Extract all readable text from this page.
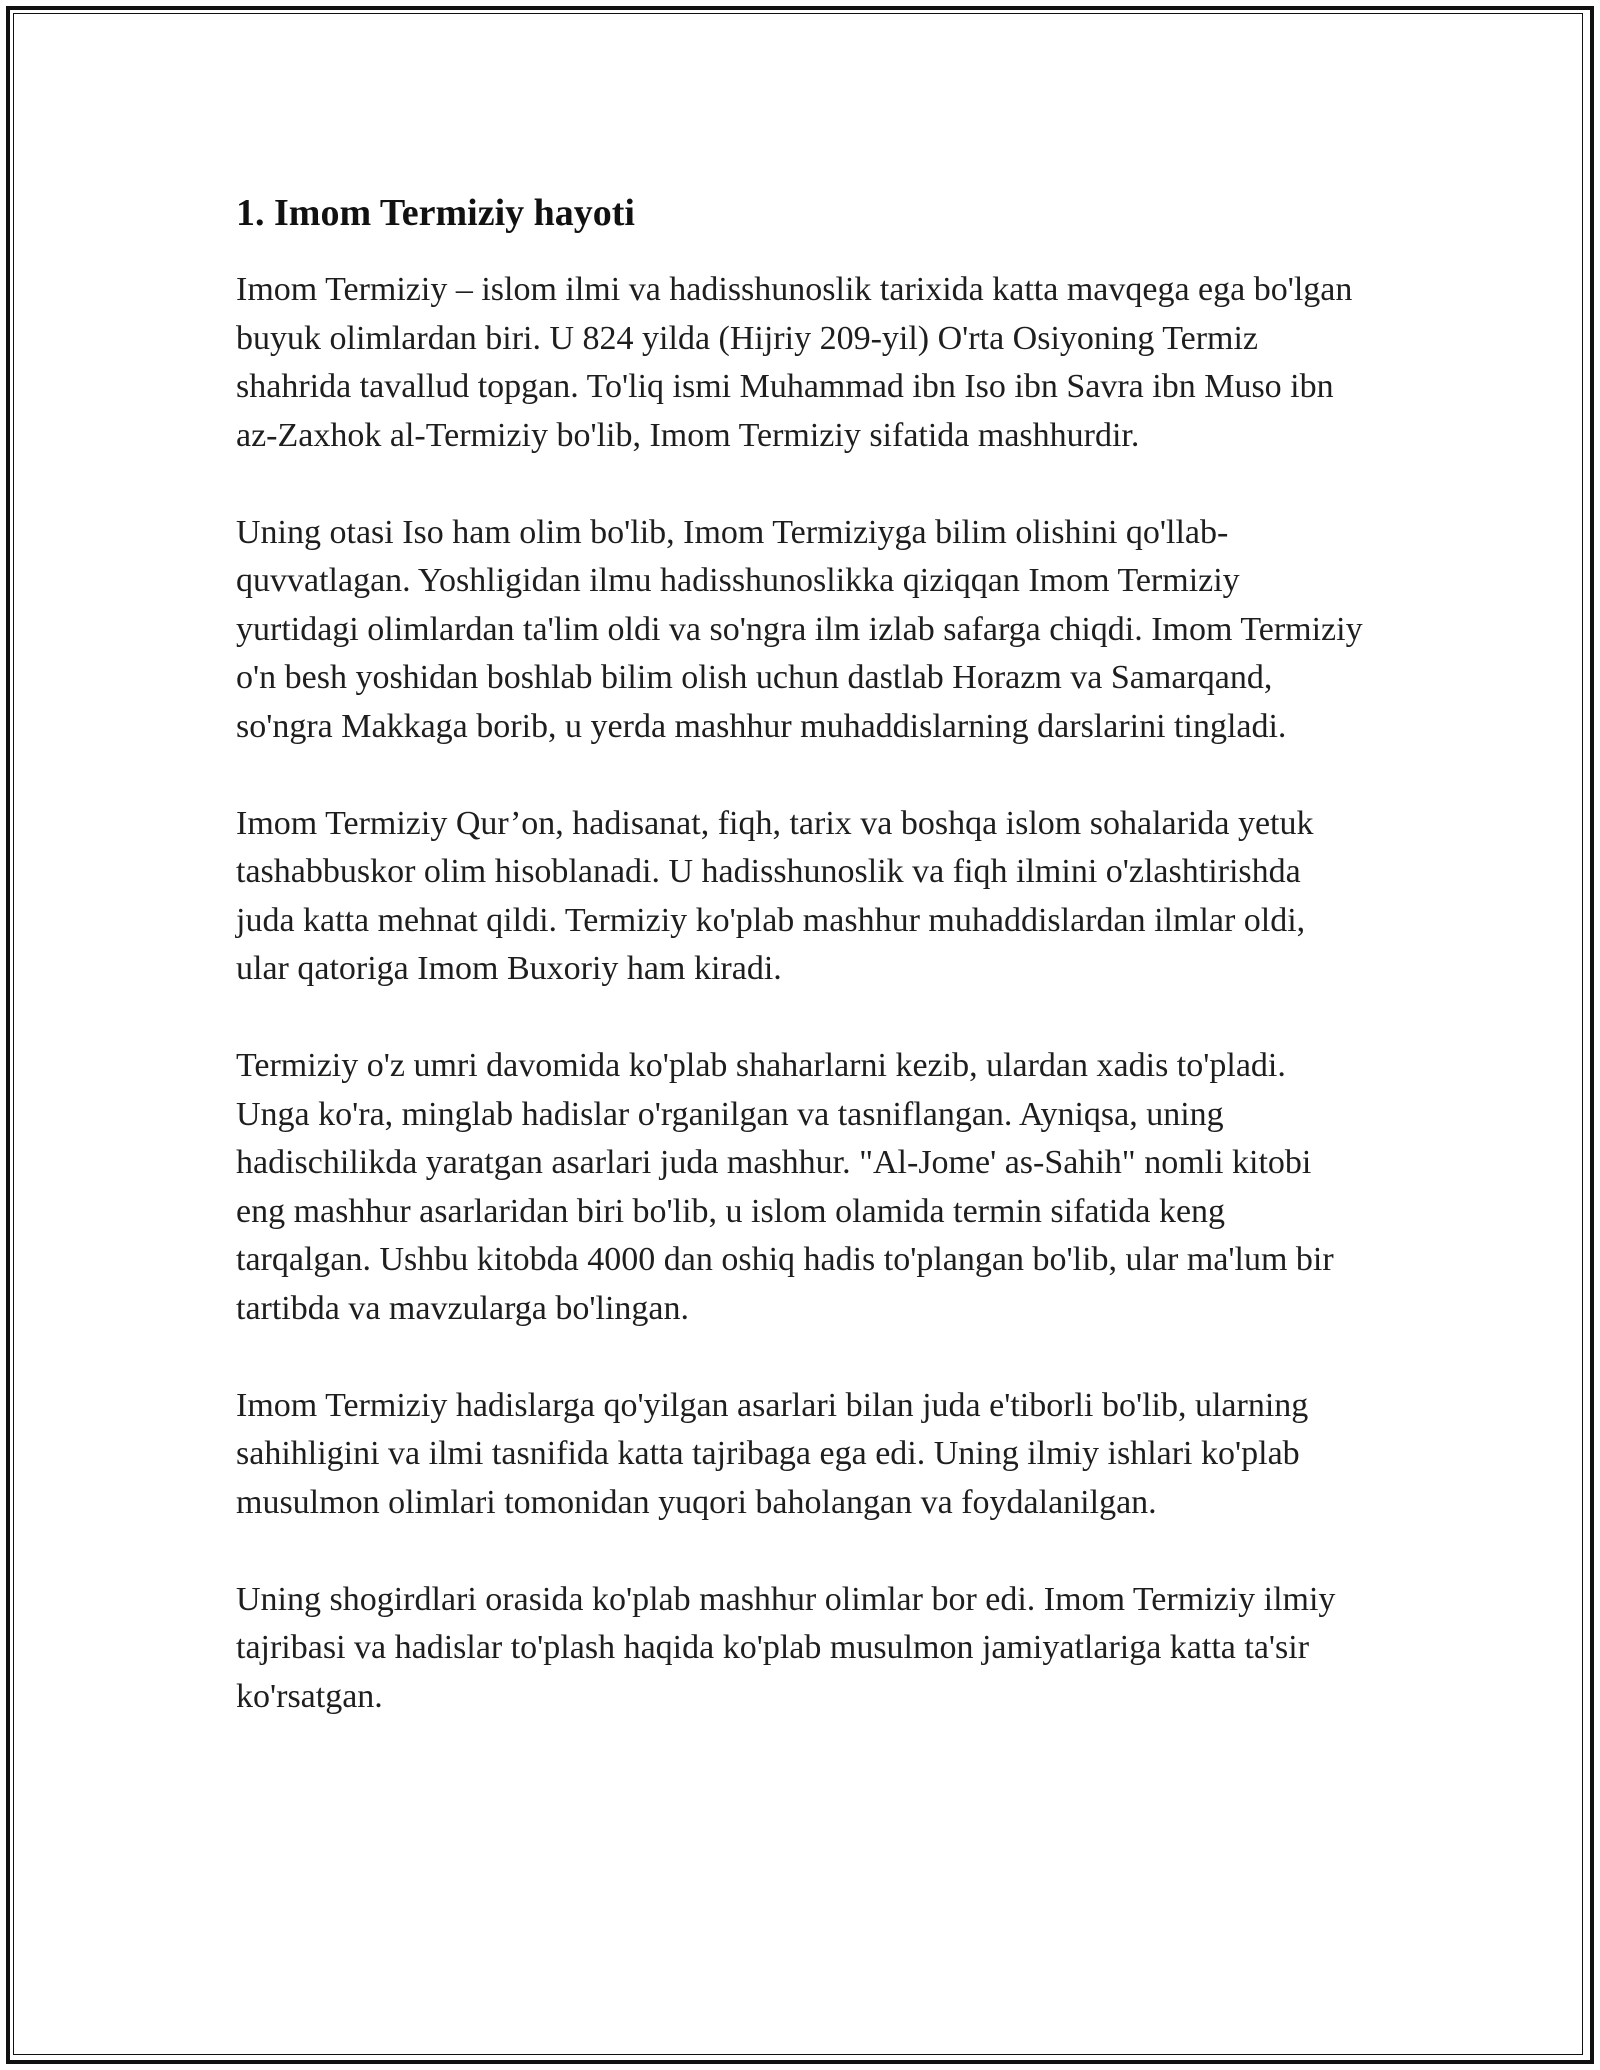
1. Imom Termiziy hayoti

Imom Termiziy – islom ilmi va hadisshunoslik tarixida katta mavqega ega bo'lgan buyuk olimlardan biri. U 824 yilda (Hijriy 209-yil) O'rta Osiyoning Termiz shahrida tavallud topgan. To'liq ismi Muhammad ibn Iso ibn Savra ibn Muso ibn az-Zaxhok al-Termiziy bo'lib, Imom Termiziy sifatida mashhurdir.

Uning otasi Iso ham olim bo'lib, Imom Termiziyga bilim olishini qo'llab-quvvatlagan. Yoshligidan ilmu hadisshunoslikka qiziqqan Imom Termiziy yurtidagi olimlardan ta'lim oldi va so'ngra ilm izlab safarga chiqdi. Imom Termiziy o'n besh yoshidan boshlab bilim olish uchun dastlab Horazm va Samarqand, so'ngra Makkaga borib, u yerda mashhur muhaddislarning darslarini tingladi.

Imom Termiziy Qur’on, hadisanat, fiqh, tarix va boshqa islom sohalarida yetuk tashabbuskor olim hisoblanadi. U hadisshunoslik va fiqh ilmini o'zlashtirishda juda katta mehnat qildi. Termiziy ko'plab mashhur muhaddislardan ilmlar oldi, ular qatoriga Imom Buxoriy ham kiradi.

Termiziy o'z umri davomida ko'plab shaharlarni kezib, ulardan xadis to'pladi. Unga ko'ra, minglab hadislar o'rganilgan va tasniflangan. Ayniqsa, uning hadischilikda yaratgan asarlari juda mashhur. "Al-Jome' as-Sahih" nomli kitobi eng mashhur asarlaridan biri bo'lib, u islom olamida termin sifatida keng tarqalgan. Ushbu kitobda 4000 dan oshiq hadis to'plangan bo'lib, ular ma'lum bir tartibda va mavzularga bo'lingan.

Imom Termiziy hadislarga qo'yilgan asarlari bilan juda e'tiborli bo'lib, ularning sahihligini va ilmi tasnifida katta tajribaga ega edi. Uning ilmiy ishlari ko'plab musulmon olimlari tomonidan yuqori baholangan va foydalanilgan.

Uning shogirdlari orasida ko'plab mashhur olimlar bor edi. Imom Termiziy ilmiy tajribasi va hadislar to'plash haqida ko'plab musulmon jamiyatlariga katta ta'sir ko'rsatgan.
